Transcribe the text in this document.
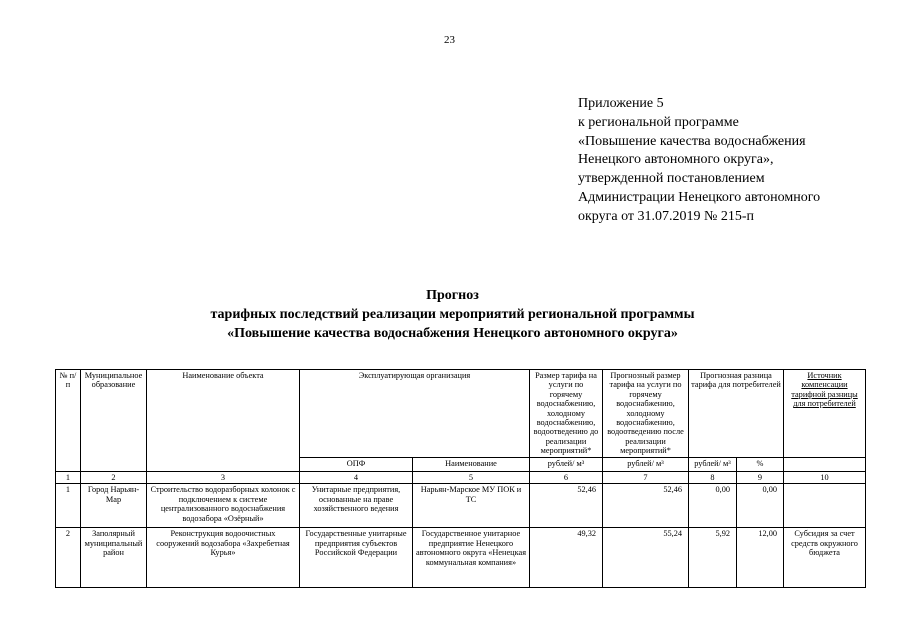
23
Приложение 5
к региональной программе
«Повышение качества водоснабжения
Ненецкого автономного округа»,
утвержденной постановлением
Администрации Ненецкого автономного
округа от 31.07.2019 № 215-п
Прогноз
тарифных последствий реализации мероприятий региональной программы
«Повышение качества водоснабжения Ненецкого автономного округа»
№ п/п	Муниципальное образование	Наименование объекта	Эксплуатирующая организация		Размер тарифа на услуги по горячему водоснабжению, холодному водоснабжению, водоотведению до реализации мероприятий*	Прогнозный размер тарифа на услуги по горячему водоснабжению, холодному водоснабжению, водоотведению после реализации мероприятий*	Прогнозная разница тарифа для потребителей		Источник компенсации тарифной разницы для потребителей
			ОПФ	Наименование	рублей/ м³	рублей/ м³	рублей/ м³	%	
1	2	3	4	5	6	7	8	9	10
1	Город Нарьян-Мар	Строительство водоразборных колонок с подключением к системе централизованного водоснабжения водозабора «Озёрный»	Унитарные предприятия, основанные на праве хозяйственного ведения	Нарьян-Марское МУ ПОК и ТС	52,46	52,46	0,00	0,00	
2	Заполярный муниципальный район	Реконструкция водоочистных сооружений водозабора «Захребетная Курья»	Государственные унитарные предприятия субъектов Российской Федерации	Государственное унитарное предприятие Ненецкого автономного округа «Ненецкая коммунальная компания»	49,32	55,24	5,92	12,00	Субсидия за счет средств окружного бюджета
